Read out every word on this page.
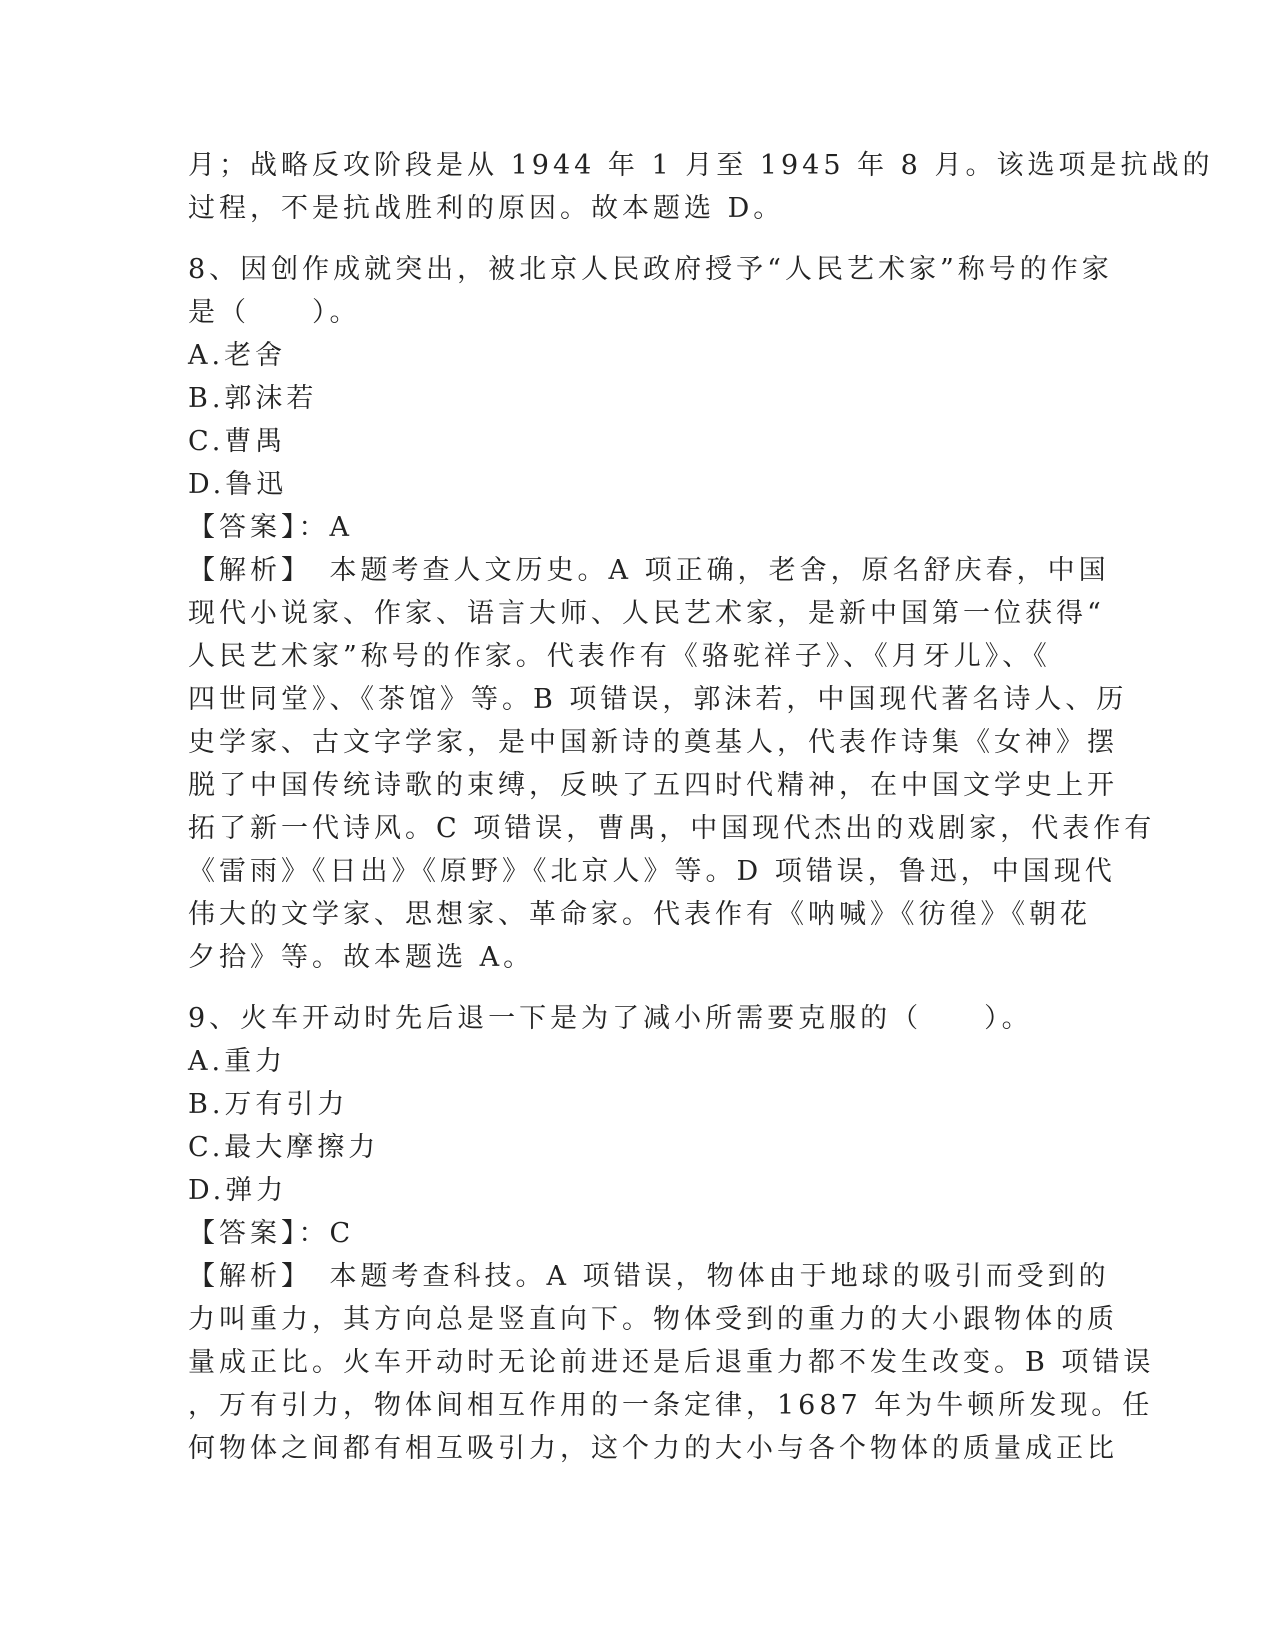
月；战略反攻阶段是从 1944 年 1 月至 1945 年 8 月。该选项是抗战的
过程，不是抗战胜利的原因。故本题选 D。
8、因创作成就突出，被北京人民政府授予“人民艺术家”称号的作家
是（　　）。
A.老舍
B.郭沫若
C.曹禺
D.鲁迅
【答案】：A
【解析】　本题考查人文历史。A 项正确，老舍，原名舒庆春，中国
现代小说家、作家、语言大师、人民艺术家，是新中国第一位获得“
人民艺术家”称号的作家。代表作有《骆驼祥子》、《月牙儿》、《
四世同堂》、《茶馆》等。B 项错误，郭沫若，中国现代著名诗人、历
史学家、古文字学家，是中国新诗的奠基人，代表作诗集《女神》摆
脱了中国传统诗歌的束缚，反映了五四时代精神，在中国文学史上开
拓了新一代诗风。C 项错误，曹禺，中国现代杰出的戏剧家，代表作有
《雷雨》《日出》《原野》《北京人》等。D 项错误，鲁迅，中国现代
伟大的文学家、思想家、革命家。代表作有《呐喊》《彷徨》《朝花
夕拾》等。故本题选 A。
9、火车开动时先后退一下是为了减小所需要克服的（　　）。
A.重力
B.万有引力
C.最大摩擦力
D.弹力
【答案】：C
【解析】　本题考查科技。A 项错误，物体由于地球的吸引而受到的
力叫重力，其方向总是竖直向下。物体受到的重力的大小跟物体的质
量成正比。火车开动时无论前进还是后退重力都不发生改变。B 项错误
，万有引力，物体间相互作用的一条定律，1687 年为牛顿所发现。任
何物体之间都有相互吸引力，这个力的大小与各个物体的质量成正比
